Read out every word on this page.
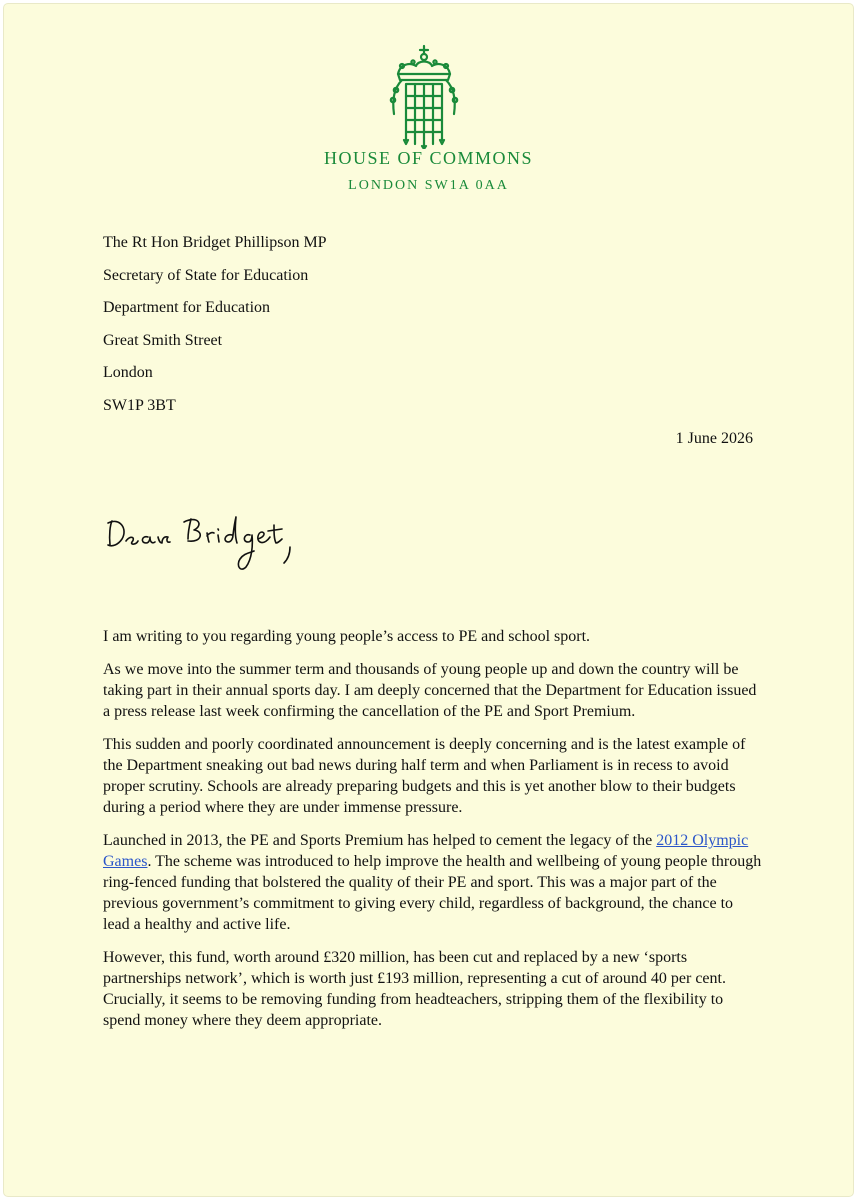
HOUSE OF COMMONS
LONDON SW1A 0AA
The Rt Hon Bridget Phillipson MP
Secretary of State for Education
Department for Education
Great Smith Street
London
SW1P 3BT
1 June 2026

I am writing to you regarding young people’s access to PE and school sport.

As we move into the summer term and thousands of young people up and down the country will be taking part in their annual sports day. I am deeply concerned that the Department for Education issued a press release last week confirming the cancellation of the PE and Sport Premium.

This sudden and poorly coordinated announcement is deeply concerning and is the latest example of the Department sneaking out bad news during half term and when Parliament is in recess to avoid proper scrutiny. Schools are already preparing budgets and this is yet another blow to their budgets during a period where they are under immense pressure.

Launched in 2013, the PE and Sports Premium has helped to cement the legacy of the 2012 Olympic Games. The scheme was introduced to help improve the health and wellbeing of young people through ring-fenced funding that bolstered the quality of their PE and sport. This was a major part of the previous government’s commitment to giving every child, regardless of background, the chance to lead a healthy and active life.

However, this fund, worth around £320 million, has been cut and replaced by a new ‘sports partnerships network’, which is worth just £193 million, representing a cut of around 40 per cent. Crucially, it seems to be removing funding from headteachers, stripping them of the flexibility to spend money where they deem appropriate.
